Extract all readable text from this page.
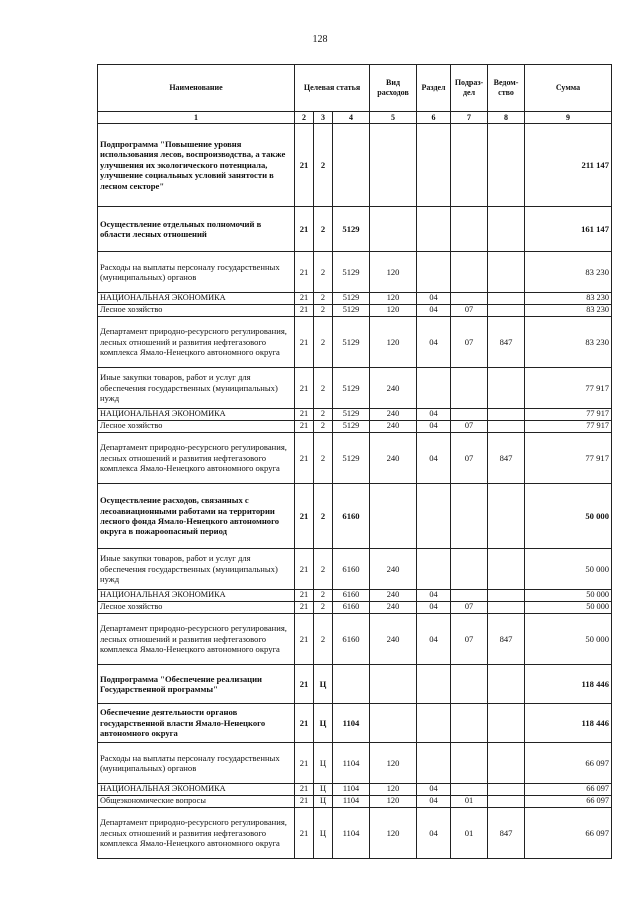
128
Наименование	Целевая статья			Вид расходов	Раздел	Подраз-дел	Ведом-ство	Сумма
1	2	3	4	5	6	7	8	9
Подпрограмма "Повышение уровня использования лесов, воспроизводства, а также улучшения их экологического потенциала, улучшение социальных условий занятости в лесном секторе"	21	2						211 147
Осуществление отдельных полномочий в области лесных отношений	21	2	5129					161 147
Расходы на выплаты персоналу государственных (муниципальных) органов	21	2	5129	120				83 230
НАЦИОНАЛЬНАЯ ЭКОНОМИКА	21	2	5129	120	04			83 230
Лесное хозяйство	21	2	5129	120	04	07		83 230
Департамент природно-ресурсного регулирования, лесных отношений и развития нефтегазового комплекса Ямало-Ненецкого автономного округа	21	2	5129	120	04	07	847	83 230
Иные закупки товаров, работ и услуг для обеспечения государственных (муниципальных) нужд	21	2	5129	240				77 917
НАЦИОНАЛЬНАЯ ЭКОНОМИКА	21	2	5129	240	04			77 917
Лесное хозяйство	21	2	5129	240	04	07		77 917
Департамент природно-ресурсного регулирования, лесных отношений и развития нефтегазового комплекса Ямало-Ненецкого автономного округа	21	2	5129	240	04	07	847	77 917
Осуществление расходов, связанных с лесоавиационными работами на территории лесного фонда Ямало-Ненецкого автономного округа в пожароопасный период	21	2	6160					50 000
Иные закупки товаров, работ и услуг для обеспечения государственных (муниципальных) нужд	21	2	6160	240				50 000
НАЦИОНАЛЬНАЯ ЭКОНОМИКА	21	2	6160	240	04			50 000
Лесное хозяйство	21	2	6160	240	04	07		50 000
Департамент природно-ресурсного регулирования, лесных отношений и развития нефтегазового комплекса Ямало-Ненецкого автономного округа	21	2	6160	240	04	07	847	50 000
Подпрограмма "Обеспечение реализации Государственной программы"	21	Ц						118 446
Обеспечение деятельности органов государственной власти Ямало-Ненецкого автономного округа	21	Ц	1104					118 446
Расходы на выплаты персоналу государственных (муниципальных) органов	21	Ц	1104	120				66 097
НАЦИОНАЛЬНАЯ ЭКОНОМИКА	21	Ц	1104	120	04			66 097
Общеэкономические вопросы	21	Ц	1104	120	04	01		66 097
Департамент природно-ресурсного регулирования, лесных отношений и развития нефтегазового комплекса Ямало-Ненецкого автономного округа	21	Ц	1104	120	04	01	847	66 097
